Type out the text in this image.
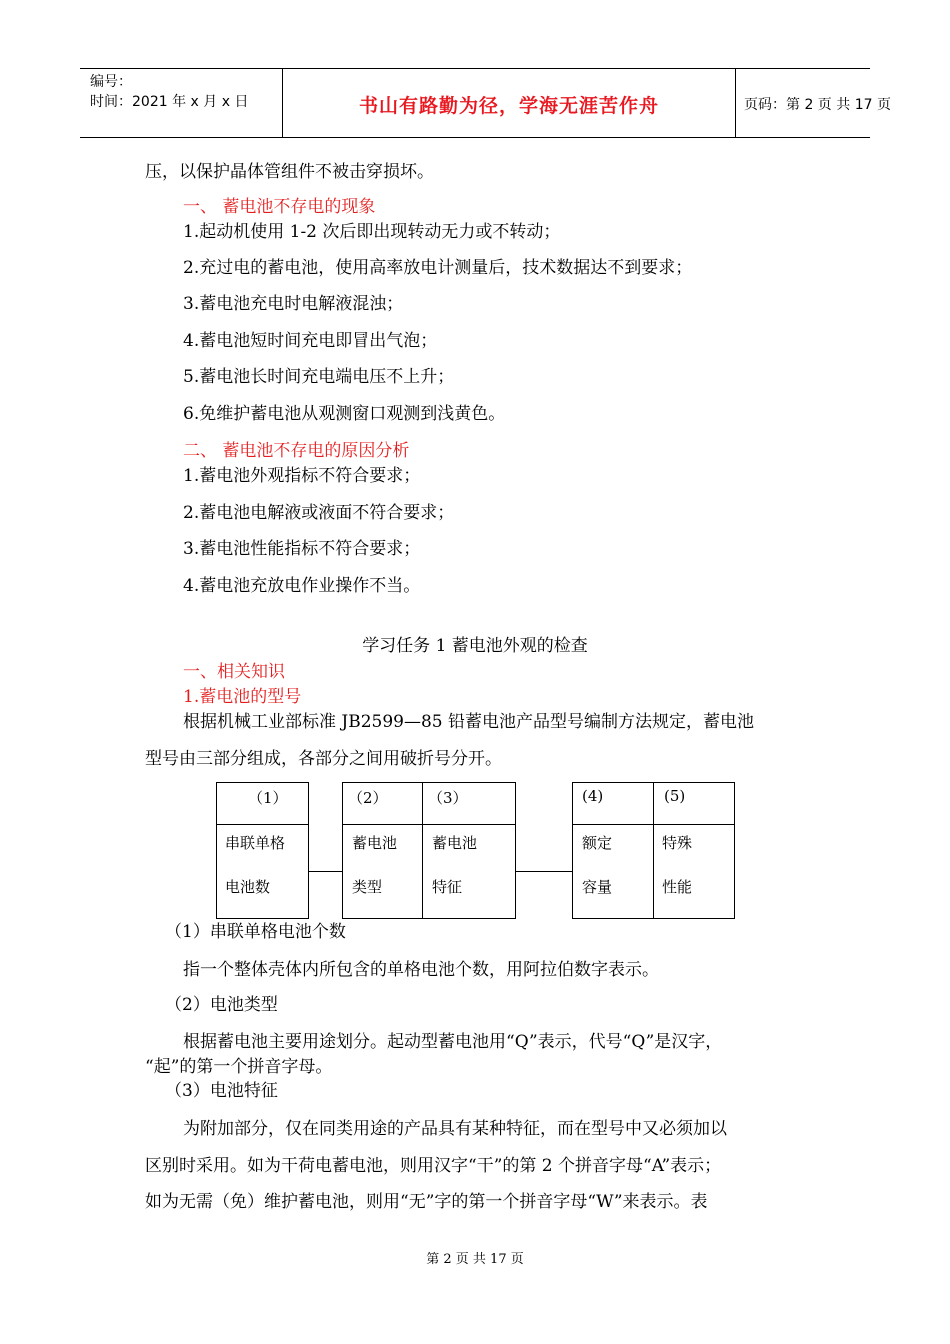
编号：
时间：2021 年 x 月 x 日	书山有路勤为径，学海无涯苦作舟	页码：第 2 页 共 17 页
压，以保护晶体管组件不被击穿损坏。
一、 蓄电池不存电的现象
1.起动机使用 1-2 次后即出现转动无力或不转动；
2.充过电的蓄电池，使用高率放电计测量后，技术数据达不到要求；
3.蓄电池充电时电解液混浊；
4.蓄电池短时间充电即冒出气泡；
5.蓄电池长时间充电端电压不上升；
6.免维护蓄电池从观测窗口观测到浅黄色。
二、 蓄电池不存电的原因分析
1.蓄电池外观指标不符合要求；
2.蓄电池电解液或液面不符合要求；
3.蓄电池性能指标不符合要求；
4.蓄电池充放电作业操作不当。
学习任务 1 蓄电池外观的检查
一、相关知识
1.蓄电池的型号
根据机械工业部标准 JB2599—85 铅蓄电池产品型号编制方法规定，蓄电池
型号由三部分组成，各部分之间用破折号分开。
（1）
串联单格
电池数
（2）
蓄电池
类型
（3）
蓄电池
特征
(4)
额定
容量
(5)
特殊
性能
（1）串联单格电池个数
指一个整体壳体内所包含的单格电池个数，用阿拉伯数字表示。
（2）电池类型
根据蓄电池主要用途划分。起动型蓄电池用“Q”表示，代号“Q”是汉字，
“起”的第一个拼音字母。
（3）电池特征
为附加部分，仅在同类用途的产品具有某种特征，而在型号中又必须加以
区别时采用。如为干荷电蓄电池，则用汉字“干”的第 2 个拼音字母“A”表示；
如为无需（免）维护蓄电池，则用“无”字的第一个拼音字母“W”来表示。表
第 2 页 共 17 页
